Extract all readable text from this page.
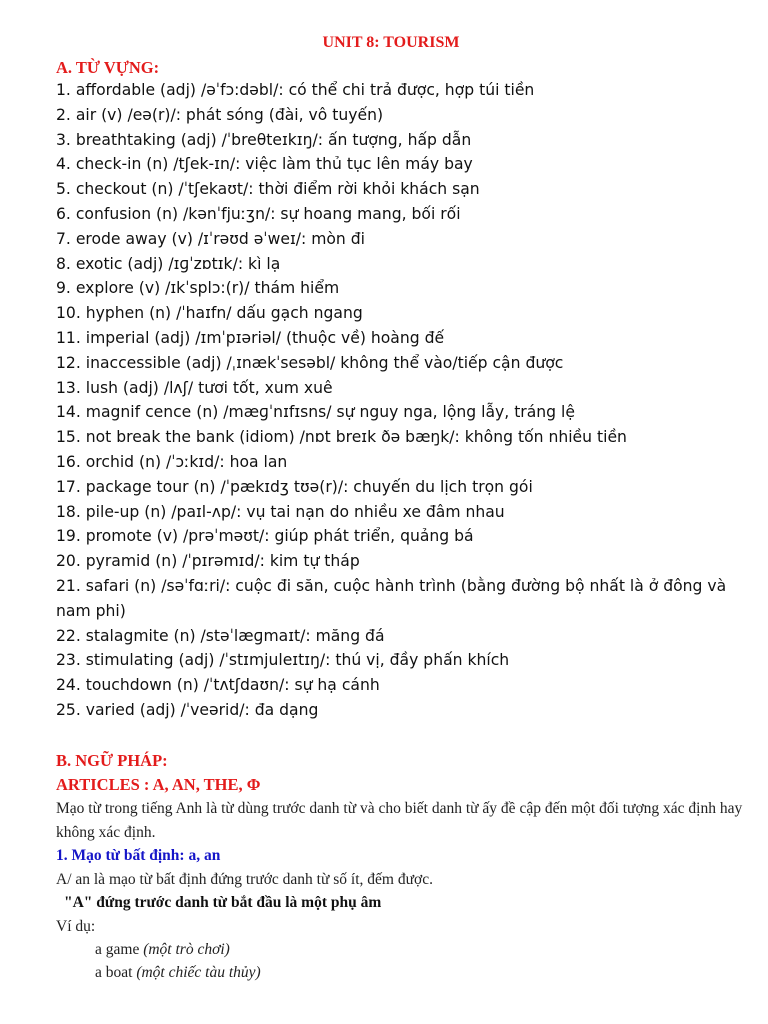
UNIT 8: TOURISM
A. TỪ VỰNG:
1. affordable (adj) /əˈfɔ:dəbl/: có thể chi trả được, hợp túi tiền
2. air (v) /eə(r)/: phát sóng (đài, vô tuyến)
3. breathtaking (adj) /ˈbreθteɪkɪŋ/: ấn tượng, hấp dẫn
4. check-in (n) /tʃek-ɪn/: việc làm thủ tục lên máy bay
5. checkout (n) /ˈtʃekaʊt/: thời điểm rời khỏi khách sạn
6. confusion (n) /kənˈfjuːʒn/: sự hoang mang, bối rối
7. erode away (v) /ɪˈrəʊd əˈweɪ/: mòn đi
8. exotic (adj) /ɪɡˈzɒtɪk/: kì lạ
9. explore (v) /ɪkˈsplɔ:(r)/ thám hiểm
10. hyphen (n) /ˈhaɪfn/ dấu gạch ngang
11. imperial (adj) /ɪmˈpɪəriəl/ (thuộc về) hoàng đế
12. inaccessible (adj) /ˌɪnækˈsesəbl/ không thể vào/tiếp cận được
13. lush (adj) /lʌʃ/ tươi tốt, xum xuê
14. magnif cence (n) /mæɡˈnɪfɪsns/ sự nguy nga, lộng lẫy, tráng lệ
15. not break the bank (idiom) /nɒt breɪk ðə bæŋk/: không tốn nhiều tiền
16. orchid (n) /ˈɔːkɪd/: hoa lan
17. package tour (n) /ˈpækɪdʒ tʊə(r)/: chuyến du lịch trọn gói
18. pile-up (n) /paɪl-ʌp/: vụ tai nạn do nhiều xe đâm nhau
19. promote (v) /prəˈməʊt/: giúp phát triển, quảng bá
20. pyramid (n) /ˈpɪrəmɪd/: kim tự tháp
21. safari (n) /səˈfɑːri/: cuộc đi săn, cuộc hành trình (bằng đường bộ nhất là ở đông và nam phi)
22. stalagmite (n) /stəˈlæɡmaɪt/: măng đá
23. stimulating (adj) /ˈstɪmjuleɪtɪŋ/: thú vị, đầy phấn khích
24. touchdown (n) /ˈtʌtʃdaʊn/: sự hạ cánh
25. varied (adj) /ˈveərid/: đa dạng
B. NGỮ PHÁP:
ARTICLES : A, AN, THE, Φ
Mạo từ trong tiếng Anh là từ dùng trước danh từ và cho biết danh từ ấy đề cập đến một đối tượng xác định hay không xác định.
1. Mạo từ bất định: a, an
A/ an là mạo từ bất định đứng trước danh từ số ít, đếm được.
"A" đứng trước danh từ bắt đầu là một phụ âm
Ví dụ:
a game (một trò chơi)
a boat (một chiếc tàu thủy)
